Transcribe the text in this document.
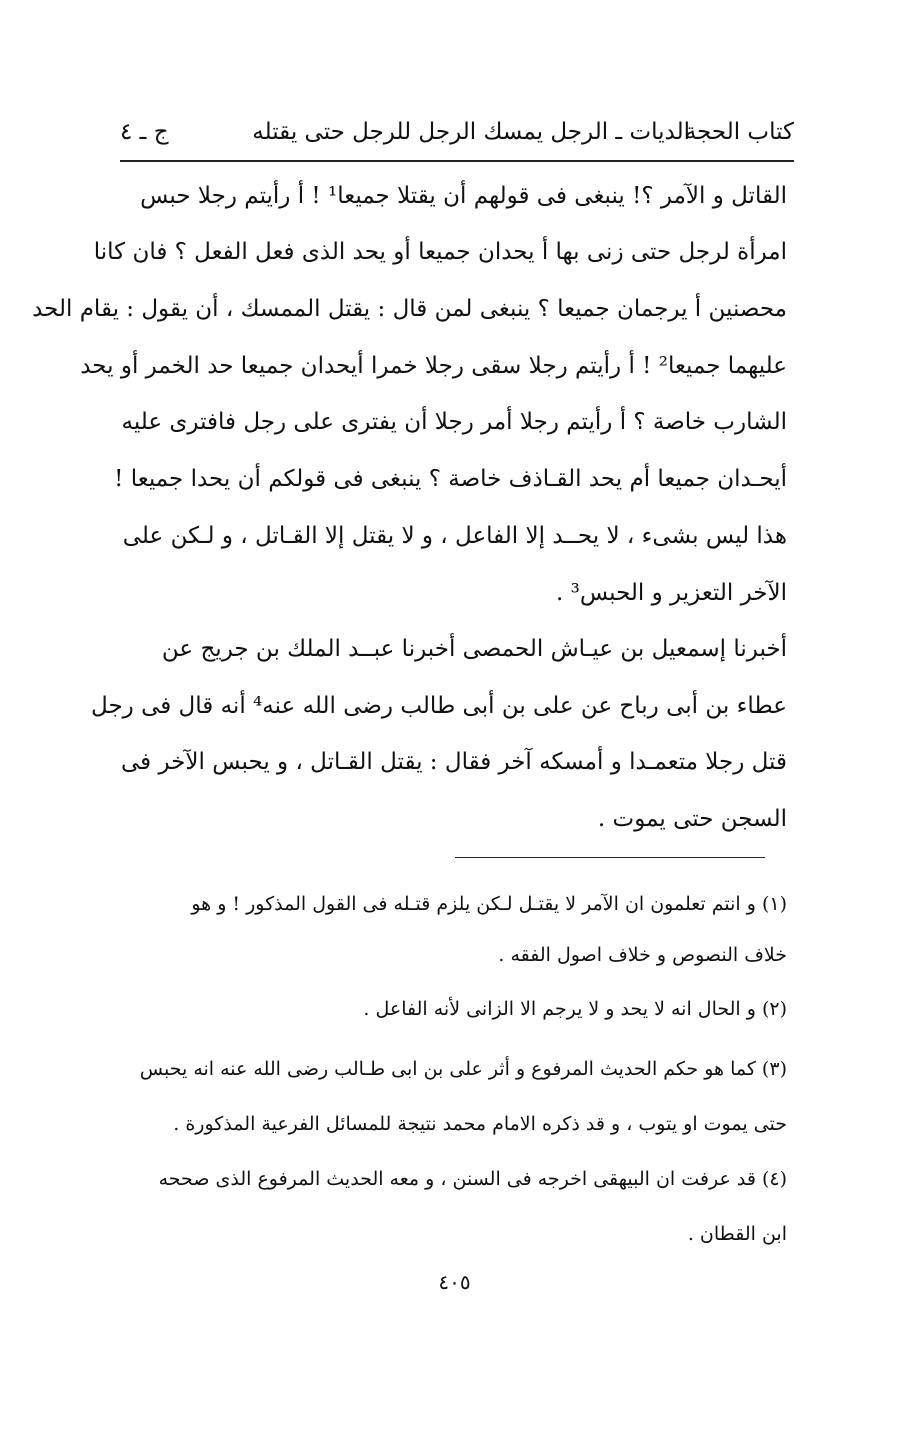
كتاب الحجة
الديات ـ الرجل يمسك الرجل للرجل حتى يقتله
ج ـ ٤
القاتل و الآمر ؟! ينبغى فى قولهم أن يقتلا جميعا¹ ! أ رأيتم رجلا حبس
امرأة لرجل حتى زنى بها أ يحدان جميعا أو يحد الذى فعل الفعل ؟ فان كانا
محصنين أ يرجمان جميعا ؟ ينبغى لمن قال : يقتل الممسك ، أن يقول : يقام الحد
عليهما جميعا² ! أ رأيتم رجلا سقى رجلا خمرا أيحدان جميعا حد الخمر أو يحد
الشارب خاصة ؟ أ رأيتم رجلا أمر رجلا أن يفترى على رجل فافترى عليه
أيحـدان جميعا أم يحد القـاذف خاصة ؟ ينبغى فى قولكم أن يحدا جميعا !
هذا ليس بشىء ، لا يحــد إلا الفاعل ، و لا يقتل إلا القـاتل ، و لـكن على
الآخر التعزير و الحبس³ .
أخبرنا إسمعيل بن عيـاش الحمصى أخبرنا عبــد الملك بن جريج عن
عطاء بن أبى رباح عن على بن أبى طالب رضى الله عنه⁴ أنه قال فى رجل
قتل رجلا متعمـدا و أمسكه آخر فقال : يقتل القـاتل ، و يحبس الآخر فى
السجن حتى يموت .
(١) و انتم تعلمون ان الآمر لا يقتـل لـكن يلزم قتـله فى القول المذكور ! و هو
خلاف النصوص و خلاف اصول الفقه .
(٢) و الحال انه لا يحد و لا يرجم الا الزانى لأنه الفاعل .
(٣) كما هو حكم الحديث المرفوع و أثر على بن ابى طـالب رضى الله عنه انه يحبس
حتى يموت او يتوب ، و قد ذكره الامام محمد نتيجة للمسائل الفرعية المذكورة .
(٤) قد عرفت ان البيهقى اخرجه فى السنن ، و معه الحديث المرفوع الذى صححه
ابن القطان .
٤٠٥
